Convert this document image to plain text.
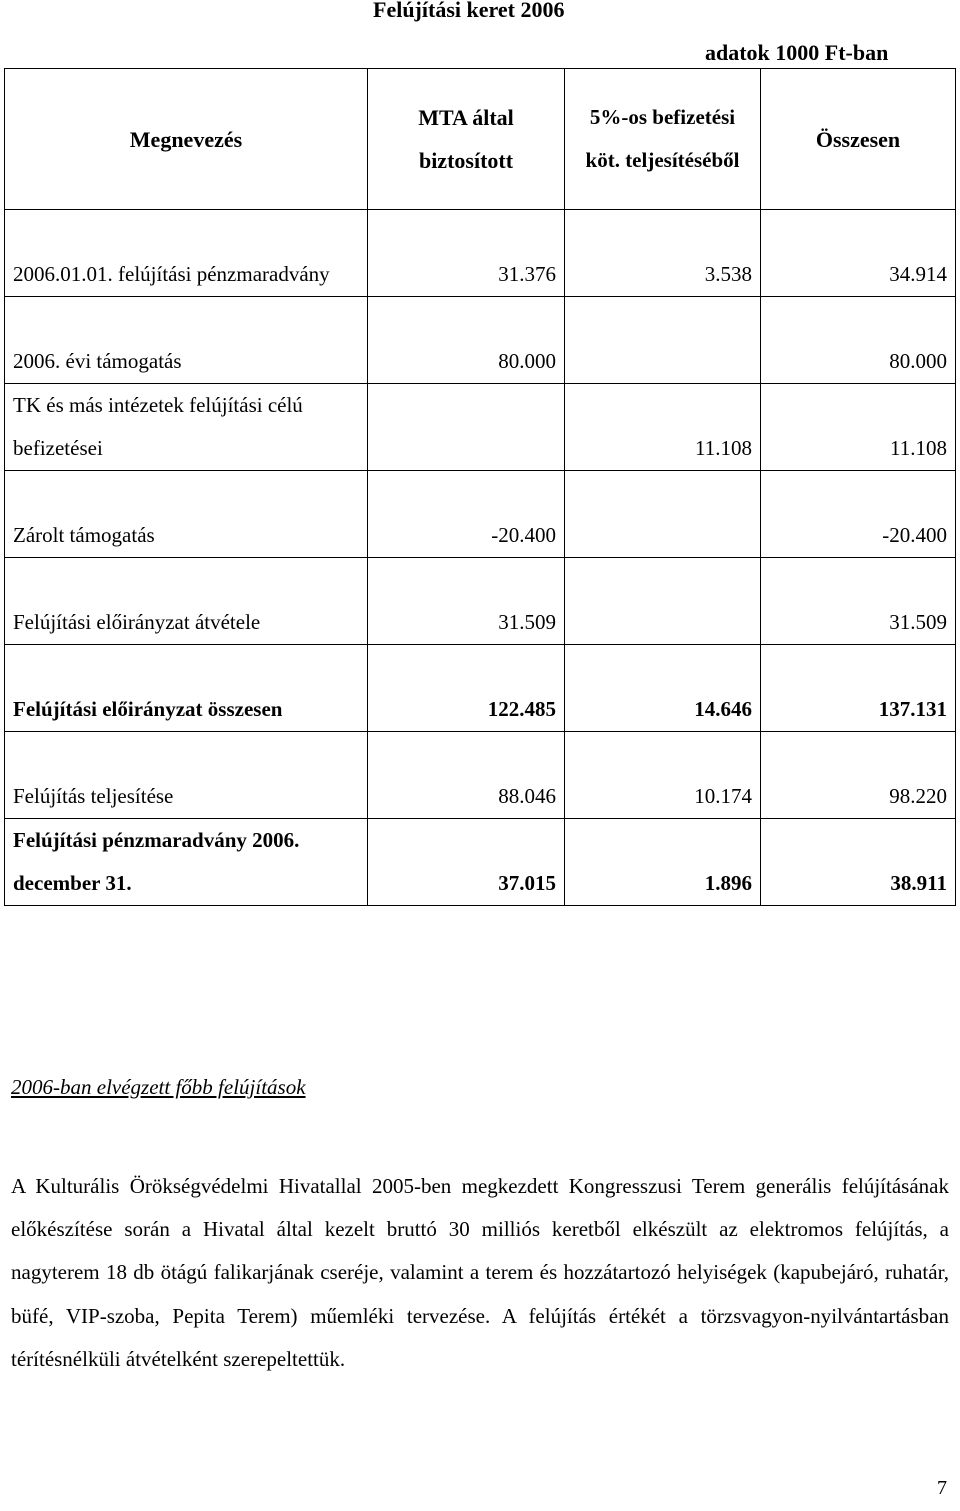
Felújítási keret 2006
adatok 1000 Ft-ban
Megnevezés	MTA által biztosított	5%-os befizetési köt. teljesítéséből	Összesen
2006.01.01. felújítási pénzmaradvány	31.376	3.538	34.914
2006. évi támogatás	80.000		80.000
TK és más intézetek felújítási célú befizetései		11.108	11.108
Zárolt támogatás	-20.400		-20.400
Felújítási előirányzat átvétele	31.509		31.509
Felújítási előirányzat összesen	122.485	14.646	137.131
Felújítás teljesítése	88.046	10.174	98.220
Felújítási pénzmaradvány 2006. december 31.	37.015	1.896	38.911
2006-ban elvégzett főbb felújítások
A Kulturális Örökségvédelmi Hivatallal 2005-ben megkezdett Kongresszusi Terem generális felújításának előkészítése során a Hivatal által kezelt bruttó 30 milliós keretből elkészült az elektromos felújítás, a nagyterem 18 db ötágú falikarjának cseréje, valamint a terem és hozzátartozó helyiségek (kapubejáró, ruhatár, büfé, VIP-szoba, Pepita Terem) műemléki tervezése. A felújítás értékét a törzsvagyon-nyilvántartásban térítésnélküli átvételként szerepeltettük.
7
